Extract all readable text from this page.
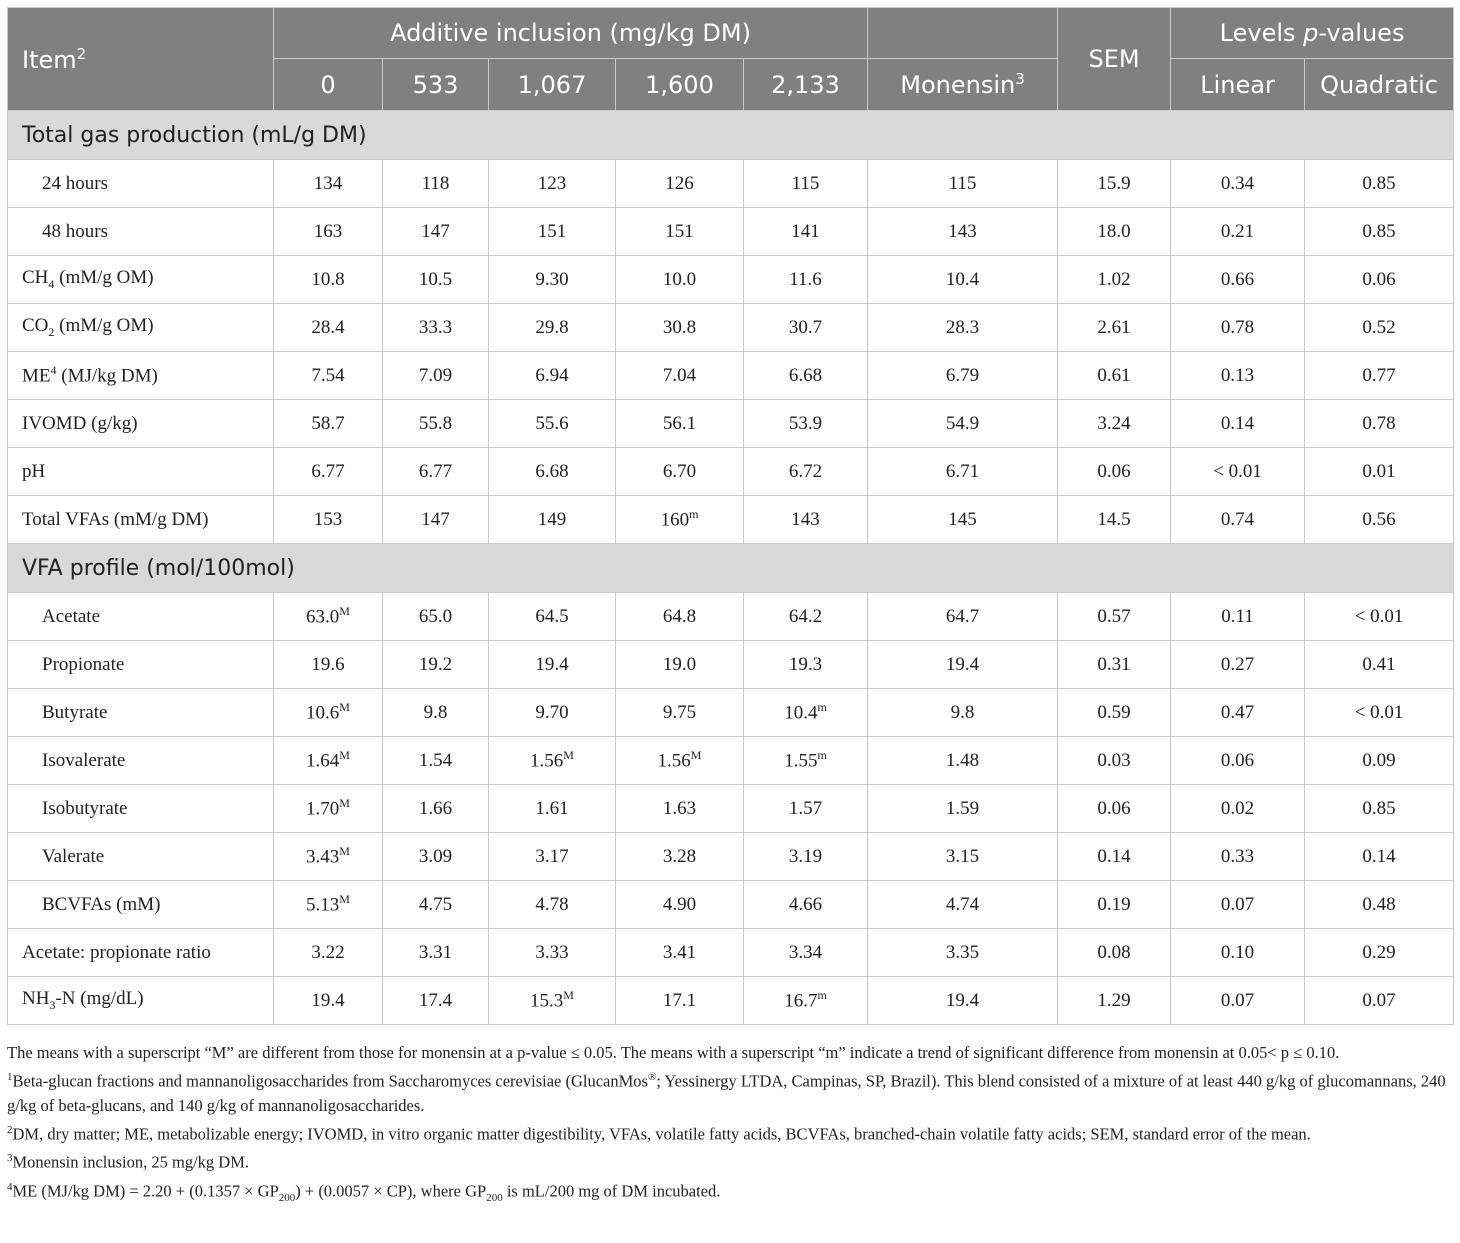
Item$^2$	Additive inclusion (mg/kg DM)						SEM	Levels p-values	
	0	533	1,067	1,600	2,133	Monensin$^3$		Linear	Quadratic
Total gas production (mL/g DM)									
24 hours	134	118	123	126	115	115	15.9	0.34	0.85
48 hours	163	147	151	151	141	143	18.0	0.21	0.85
$CH_4$ (mM/g OM)	10.8	10.5	9.30	10.0	11.6	10.4	1.02	0.66	0.06
$CO_2$ (mM/g OM)	28.4	33.3	29.8	30.8	30.7	28.3	2.61	0.78	0.52
$ME^4$ (MJ/kg DM)	7.54	7.09	6.94	7.04	6.68	6.79	0.61	0.13	0.77
IVOMD (g/kg)	58.7	55.8	55.6	56.1	53.9	54.9	3.24	0.14	0.78
pH	6.77	6.77	6.68	6.70	6.72	6.71	0.06	< 0.01	0.01
Total VFAs (mM/g DM)	153	147	149	160$^m$	143	145	14.5	0.74	0.56
VFA profile (mol/100mol)									
Acetate	$63.0^M$	65.0	64.5	64.8	64.2	64.7	0.57	0.11	< 0.01
Propionate	19.6	19.2	19.4	19.0	19.3	19.4	0.31	0.27	0.41
Butyrate	$10.6^M$	9.8	9.70	9.75	10.4$^m$	9.8	0.59	0.47	< 0.01
Isovalerate	$1.64^M$	1.54	$1.56^M$	$1.56^M$	1.55$^m$	1.48	0.03	0.06	0.09
Isobutyrate	$1.70^M$	1.66	1.61	1.63	1.57	1.59	0.06	0.02	0.85
Valerate	$3.43^M$	3.09	3.17	3.28	3.19	3.15	0.14	0.33	0.14
BCVFAs (mM)	$5.13^M$	4.75	4.78	4.90	4.66	4.74	0.19	0.07	0.48
Acetate: propionate ratio	3.22	3.31	3.33	3.41	3.34	3.35	0.08	0.10	0.29
$NH_3-N$ (mg/dL)	19.4	17.4	$15.3^M$	17.1	16.7$^m$	19.4	1.29	0.07	0.07

The means with a superscript “M” are different from those for monensin at a p-value ≤ 0.05. The means with a superscript “m” indicate a trend of significant difference from monensin at 0.05< p ≤ 0.10.

$^1$Beta-glucan fractions and mannanoligosaccharides from Saccharomyces cerevisiae (GlucanMos®; Yessinergy LTDA, Campinas, SP, Brazil). This blend consisted of a mixture of at least 440 g/kg of glucomannans, 240 g/kg of beta-glucans, and 140 g/kg of mannanoligosaccharides.

$^2$DM, dry matter; ME, metabolizable energy; IVOMD, in vitro organic matter digestibility, VFAs, volatile fatty acids, BCVFAs, branched-chain volatile fatty acids; SEM, standard error of the mean.

$^3$Monensin inclusion, 25 mg/kg DM.

$^4$ME (MJ/kg $DM) = 2.20 + (0.1357 \times GP_{200}) + (0.0057 \times CP)$, where $GP_{200}$ is mL/200 mg of DM incubated.
